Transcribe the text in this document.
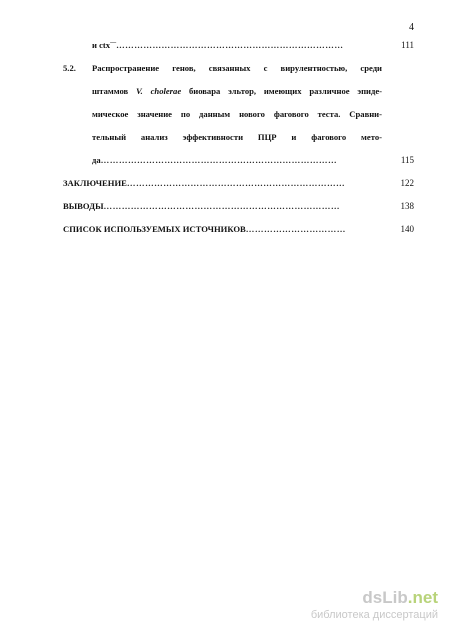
4
и ctx—…………………………………………………………………	111
5.2. Распространение генов, связанных с вирулентностью, среди
штаммов V. cholerae биовара эльтор, имеющих различное эпиде-
мическое значение по данным нового фагового теста. Сравни-
тельный анализ эффективности ПЦР и фагового мето-
да……………………………………………………………………	115
ЗАКЛЮЧЕНИЕ………………………………………………………………	122
ВЫВОДЫ……………………………………………………………………	138
СПИСОК ИСПОЛЬЗУЕМЫХ ИСТОЧНИКОВ……………………………	140
dsLib.net
библиотека диссертаций
